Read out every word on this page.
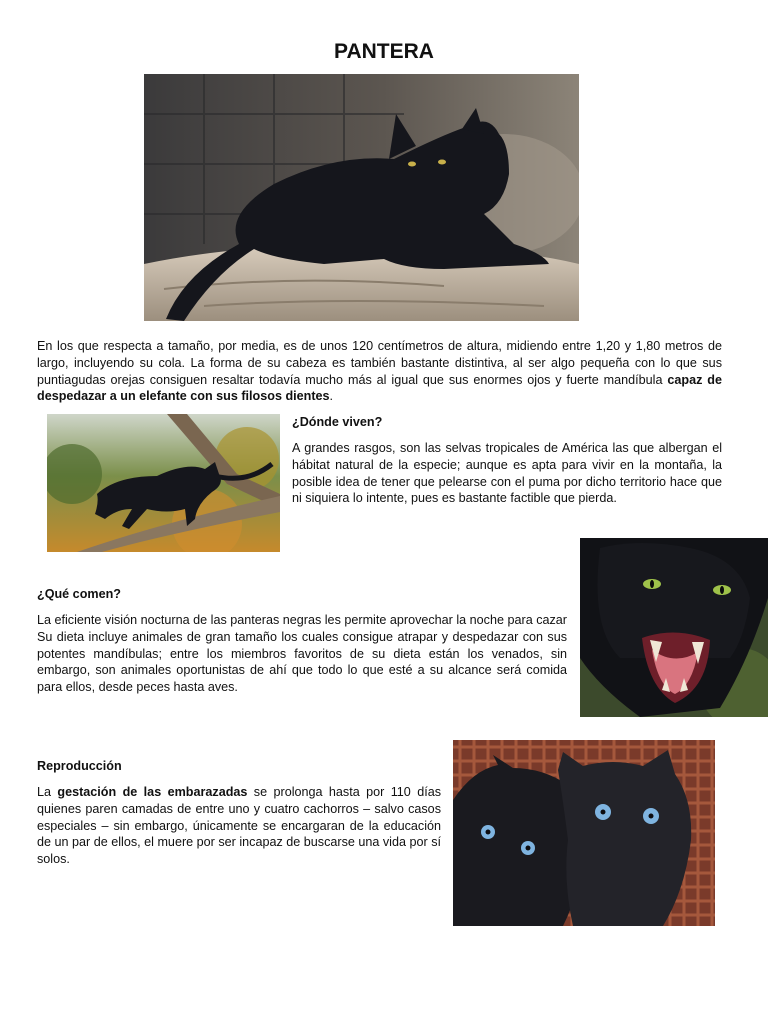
PANTERA

En los que respecta a tamaño, por media, es de unos 120 centímetros de altura, midiendo entre 1,20 y 1,80 metros de largo, incluyendo su cola. La forma de su cabeza es también bastante distintiva, al ser algo pequeña con lo que sus puntiagudas orejas consiguen resaltar todavía mucho más al igual que sus enormes ojos y fuerte mandíbula capaz de despedazar a un elefante con sus filosos dientes.

¿Dónde viven?

A grandes rasgos, son las selvas tropicales de América las que albergan el hábitat natural de la especie; aunque es apta para vivir en la montaña, la posible idea de tener que pelearse con el puma por dicho territorio hace que ni siquiera lo intente, pues es bastante factible que pierda.

¿Qué comen?

La eficiente visión nocturna de las panteras negras les permite aprovechar la noche para cazar Su dieta incluye animales de gran tamaño los cuales consigue atrapar y despedazar con sus potentes mandíbulas; entre los miembros favoritos de su dieta están los venados, sin embargo, son animales oportunistas de ahí que todo lo que esté a su alcance será comida para ellos, desde peces hasta aves.

Reproducción

La gestación de las embarazadas se prolonga hasta por 110 días quienes paren camadas de entre uno y cuatro cachorros – salvo casos especiales – sin embargo, únicamente se encargaran de la educación de un par de ellos, el muere por ser incapaz de buscarse una vida por sí solos.
